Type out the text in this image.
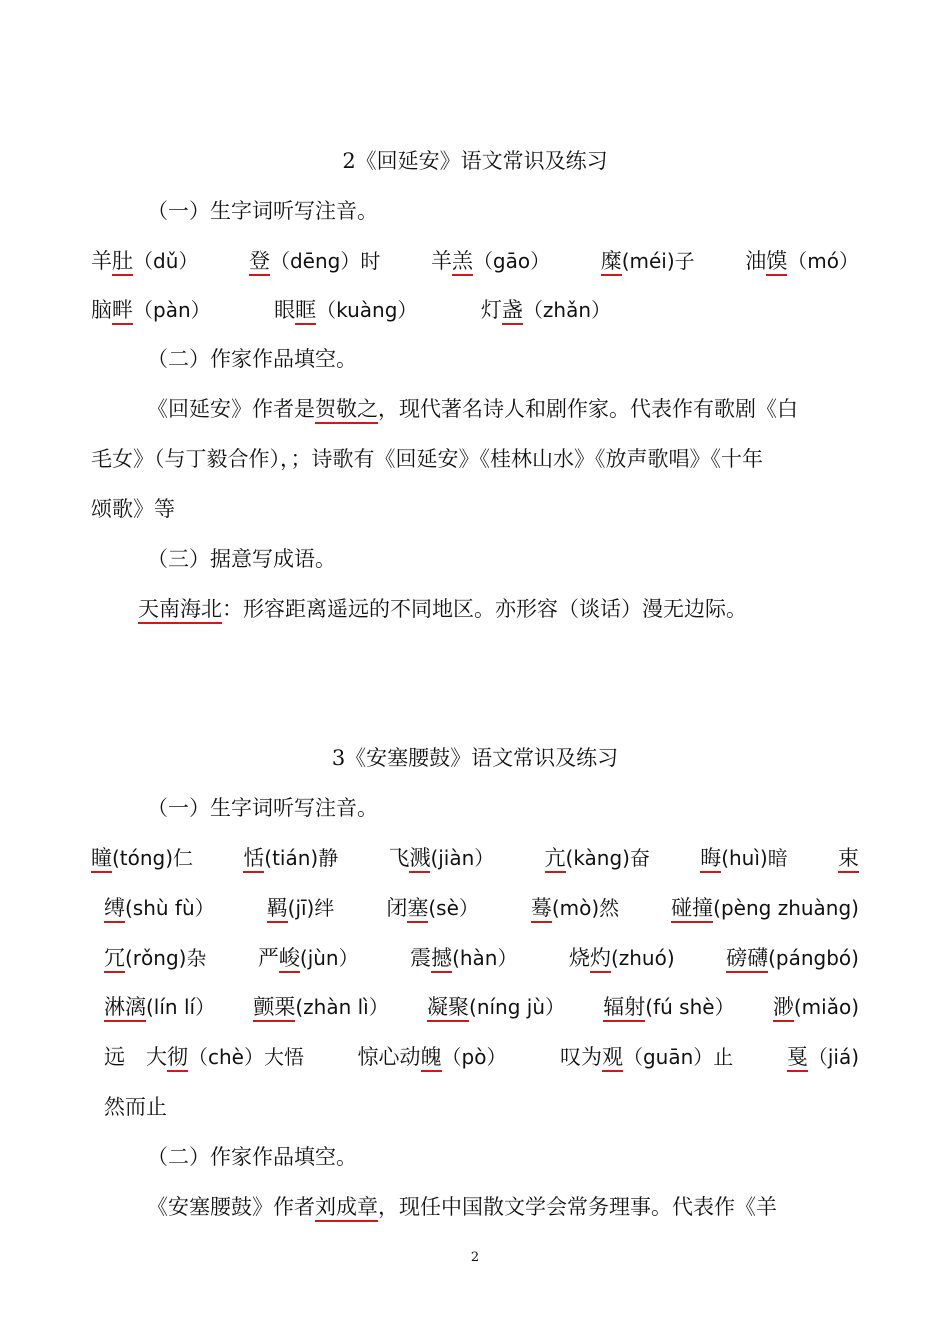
2《回延安》语文常识及练习
（一）生字词听写注音。
羊肚（dǔ） 登（dēng）时 羊羔（gāo） 糜(méi)子 油馍（mó）
脑畔（pàn）	眼眶（kuàng）	灯盏（zhǎn）
（二）作家作品填空。
《回延安》作者是贺敬之，现代著名诗人和剧作家。代表作有歌剧《白
毛女》（与丁毅合作），；诗歌有《回延安》《桂林山水》《放声歌唱》《十年
颂歌》等
（三）据意写成语。
天南海北：形容距离遥远的不同地区。亦形容（谈话）漫无边际。
3《安塞腰鼓》语文常识及练习
（一）生字词听写注音。
瞳(tóng)仁 恬(tián)静 飞溅(jiàn） 亢(kàng)奋 晦(huì)暗 束
缚(shù fù） 羁(jī)绊 闭塞(sè） 蓦(mò)然 碰撞(pèng zhuàng)
冗(rǒng)杂 严峻(jùn） 震撼(hàn） 烧灼(zhuó) 磅礴(pángbó)
淋漓(lín lí） 颤栗(zhàn lì） 凝聚(níng jù） 辐射(fú shè） 渺(miǎo)
远　大彻（chè）大悟	惊心动魄（pò）	叹为观（guān）止	戛（jiá)
然而止
（二）作家作品填空。
《安塞腰鼓》作者刘成章，现任中国散文学会常务理事。代表作《羊
2
